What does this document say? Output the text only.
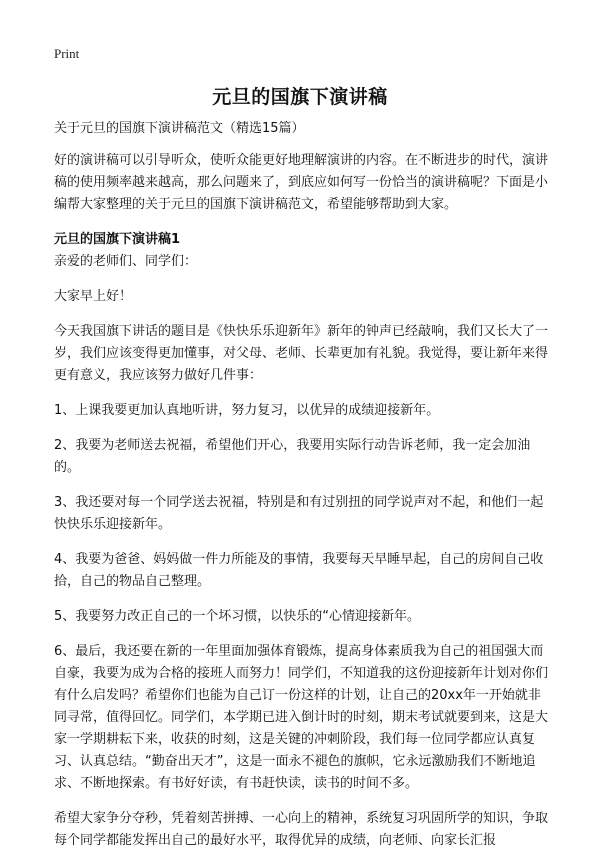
Print
元旦的国旗下演讲稿

关于元旦的国旗下演讲稿范文（精选15篇）

好的演讲稿可以引导听众，使听众能更好地理解演讲的内容。在不断进步的时代，演讲稿的使用频率越来越高，那么问题来了，到底应如何写一份恰当的演讲稿呢？下面是小编帮大家整理的关于元旦的国旗下演讲稿范文，希望能够帮助到大家。

元旦的国旗下演讲稿1

亲爱的老师们、同学们：

大家早上好！

今天我国旗下讲话的题目是《快快乐乐迎新年》新年的钟声已经敲响，我们又长大了一岁，我们应该变得更加懂事，对父母、老师、长辈更加有礼貌。我觉得，要让新年来得更有意义，我应该努力做好几件事：

1、上课我要更加认真地听讲，努力复习，以优异的成绩迎接新年。

2、我要为老师送去祝福，希望他们开心，我要用实际行动告诉老师，我一定会加油的。

3、我还要对每一个同学送去祝福，特别是和有过别扭的同学说声对不起，和他们一起快快乐乐迎接新年。

4、我要为爸爸、妈妈做一件力所能及的事情，我要每天早睡早起，自己的房间自己收拾，自己的物品自己整理。

5、我要努力改正自己的一个坏习惯，以快乐的“心情迎接新年。

6、最后，我还要在新的一年里面加强体育锻炼，提高身体素质我为自己的祖国强大而自豪，我要为成为合格的接班人而努力！同学们，不知道我的这份迎接新年计划对你们有什么启发吗？希望你们也能为自己订一份这样的计划，让自己的20xx年一开始就非同寻常，值得回忆。同学们，本学期已进入倒计时的时刻，期末考试就要到来，这是大家一学期耕耘下来，收获的时刻，这是关键的冲刺阶段，我们每一位同学都应认真复习、认真总结。“勤奋出天才”，这是一面永不褪色的旗帜，它永远激励我们不断地追求、不断地探索。有书好好读，有书赶快读，读书的时间不多。

希望大家争分夺秒，凭着刻苦拼搏、一心向上的精神，系统复习巩固所学的知识，争取每个同学都能发挥出自己的最好水平，取得优异的成绩，向老师、向家长汇报
